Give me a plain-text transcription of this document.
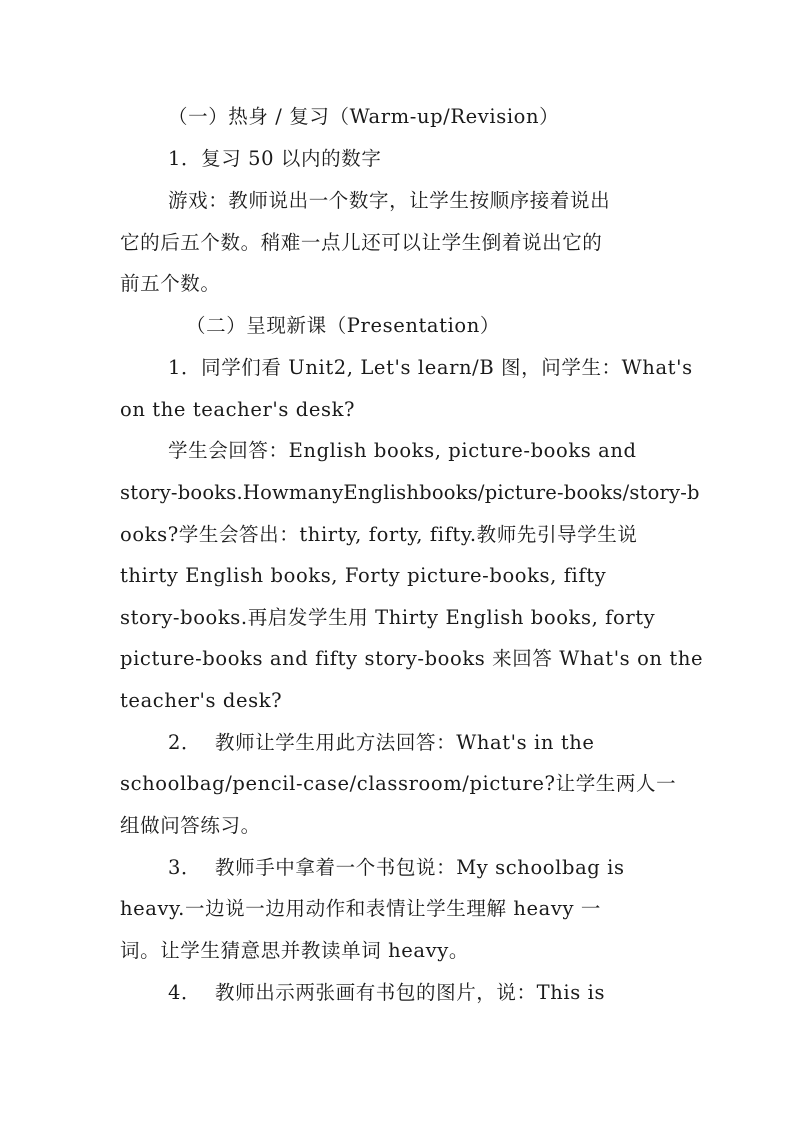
（一）热身 / 复习（Warm-up/Revision）
1．复习 50 以内的数字
游戏：教师说出一个数字，让学生按顺序接着说出
它的后五个数。稍难一点儿还可以让学生倒着说出它的
前五个数。
（二）呈现新课（Presentation）
1．同学们看 Unit2, Let's learn/B 图，问学生：What's
on the teacher's desk?
学生会回答：English books, picture-books and
story-books.HowmanyEnglishbooks/picture-books/story-b
ooks?学生会答出：thirty, forty, fifty.教师先引导学生说
thirty English books, Forty picture-books, fifty
story-books.再启发学生用 Thirty English books, forty
picture-books and fifty story-books 来回答 What's on the
teacher's desk?
2． 教师让学生用此方法回答：What's in the
schoolbag/pencil-case/classroom/picture?让学生两人一
组做问答练习。
3． 教师手中拿着一个书包说：My schoolbag is
heavy.一边说一边用动作和表情让学生理解 heavy 一
词。让学生猜意思并教读单词 heavy。
4． 教师出示两张画有书包的图片，说：This is
